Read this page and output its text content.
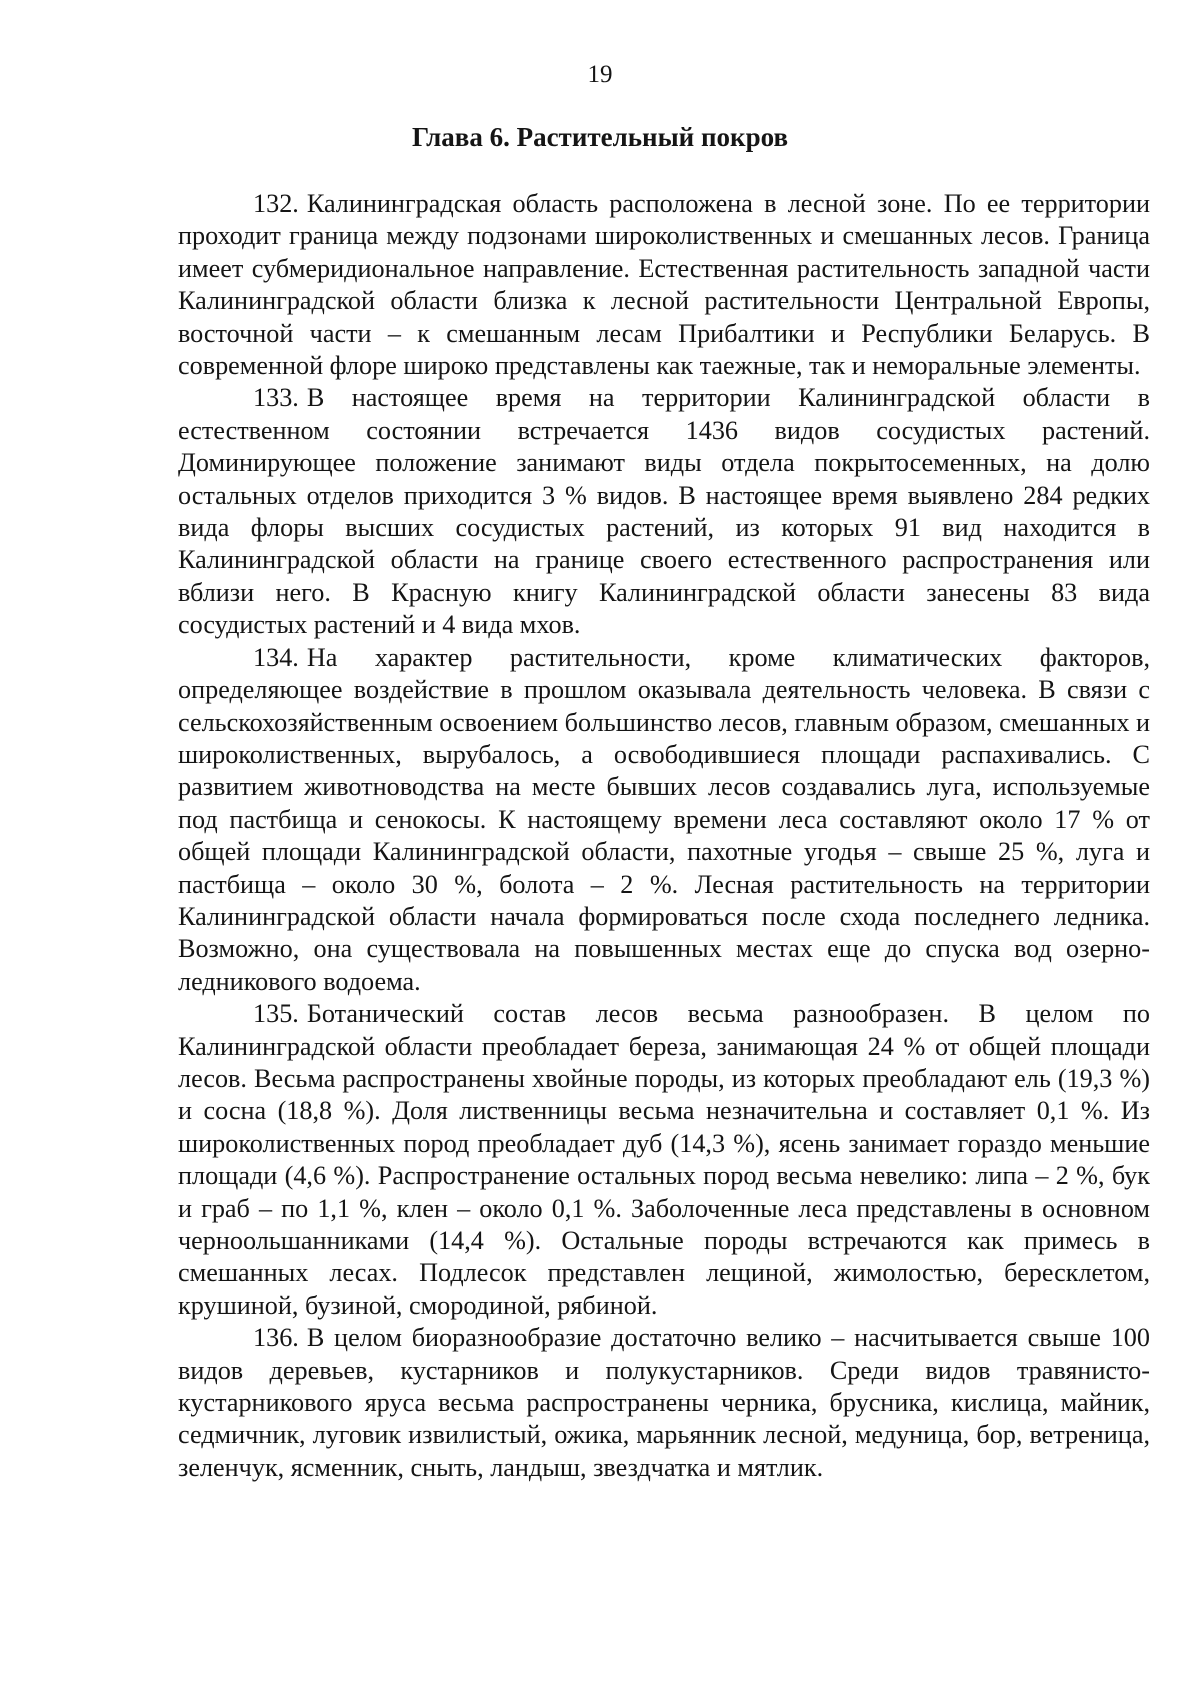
19
Глава 6. Растительный покров

132. Калининградская область расположена в лесной зоне. По ее территории проходит граница между подзонами широколиственных и смешанных лесов. Граница имеет субмеридиональное направление. Естественная растительность западной части Калининградской области близка к лесной растительности Центральной Европы, восточной части – к смешанным лесам Прибалтики и Республики Беларусь. В современной флоре широко представлены как таежные, так и неморальные элементы.

133. В настоящее время на территории Калининградской области в естественном состоянии встречается 1436 видов сосудистых растений. Доминирующее положение занимают виды отдела покрытосеменных, на долю остальных отделов приходится 3 % видов. В настоящее время выявлено 284 редких вида флоры высших сосудистых растений, из которых 91 вид находится в Калининградской области на границе своего естественного распространения или вблизи него. В Красную книгу Калининградской области занесены 83 вида сосудистых растений и 4 вида мхов.

134. На характер растительности, кроме климатических факторов, определяющее воздействие в прошлом оказывала деятельность человека. В связи с сельскохозяйственным освоением большинство лесов, главным образом, смешанных и широколиственных, вырубалось, а освободившиеся площади распахивались. С развитием животноводства на месте бывших лесов создавались луга, используемые под пастбища и сенокосы. К настоящему времени леса составляют около 17 % от общей площади Калининградской области, пахотные угодья – свыше 25 %, луга и пастбища – около 30 %, болота – 2 %. Лесная растительность на территории Калининградской области начала формироваться после схода последнего ледника. Возможно, она существовала на повышенных местах еще до спуска вод озерно-ледникового водоема.

135. Ботанический состав лесов весьма разнообразен. В целом по Калининградской области преобладает береза, занимающая 24 % от общей площади лесов. Весьма распространены хвойные породы, из которых преобладают ель (19,3 %) и сосна (18,8 %). Доля лиственницы весьма незначительна и составляет 0,1 %. Из широколиственных пород преобладает дуб (14,3 %), ясень занимает гораздо меньшие площади (4,6 %). Распространение остальных пород весьма невелико: липа – 2 %, бук и граб – по 1,1 %, клен – около 0,1 %. Заболоченные леса представлены в основном черноольшанниками (14,4 %). Остальные породы встречаются как примесь в смешанных лесах. Подлесок представлен лещиной, жимолостью, бересклетом, крушиной, бузиной, смородиной, рябиной.

136. В целом биоразнообразие достаточно велико – насчитывается свыше 100 видов деревьев, кустарников и полукустарников. Среди видов травянисто-кустарникового яруса весьма распространены черника, брусника, кислица, майник, седмичник, луговик извилистый, ожика, марьянник лесной, медуница, бор, ветреница, зеленчук, ясменник, сныть, ландыш, звездчатка и мятлик.
